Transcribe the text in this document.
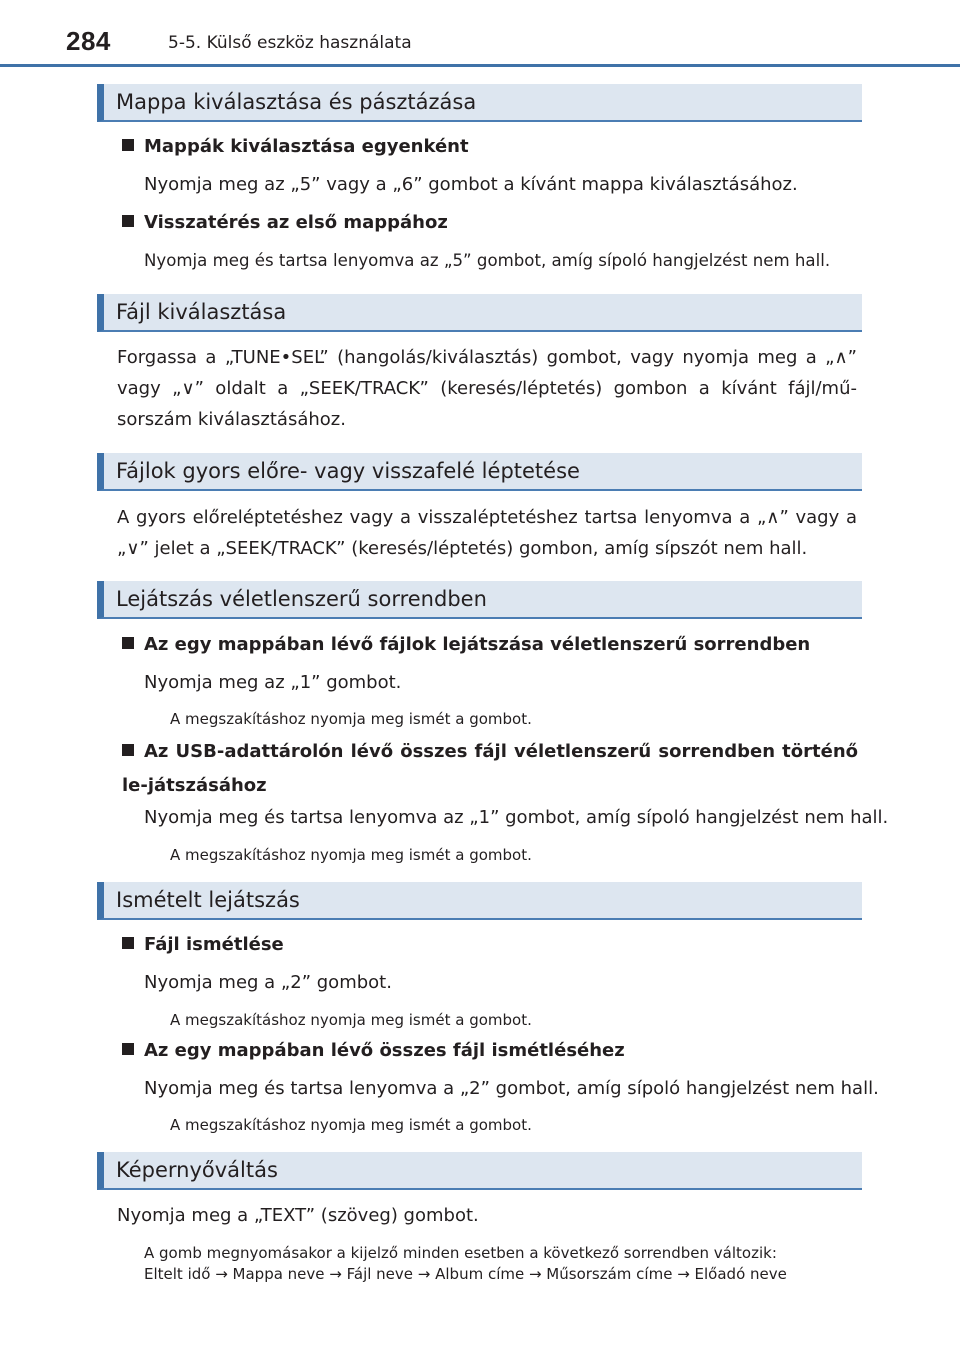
284	5-5. Külső eszköz használata
Mappa kiválasztása és pásztázása
Mappák kiválasztása egyenként
Nyomja meg az „5” vagy a „6” gombot a kívánt mappa kiválasztásához.
Visszatérés az első mappához
Nyomja meg és tartsa lenyomva az „5” gombot, amíg sípoló hangjelzést nem hall.
Fájl kiválasztása
Forgassa a „TUNE•SEL” (hangolás/kiválasztás) gombot, vagy nyomja meg a „∧” vagy „∨” oldalt a „SEEK/TRACK” (keresés/léptetés) gombon a kívánt fájl/mű-sorszám kiválasztásához.
Fájlok gyors előre- vagy visszafelé léptetése
A gyors előreléptetéshez vagy a visszaléptetéshez tartsa lenyomva a „∧” vagy a „∨” jelet a „SEEK/TRACK” (keresés/léptetés) gombon, amíg sípszót nem hall.
Lejátszás véletlenszerű sorrendben
Az egy mappában lévő fájlok lejátszása véletlenszerű sorrendben
Nyomja meg az „1” gombot.
A megszakításhoz nyomja meg ismét a gombot.
Az USB-adattárolón lévő összes fájl véletlenszerű sorrendben történő le-játszásához
Nyomja meg és tartsa lenyomva az „1” gombot, amíg sípoló hangjelzést nem hall.
A megszakításhoz nyomja meg ismét a gombot.
Ismételt lejátszás
Fájl ismétlése
Nyomja meg a „2” gombot.
A megszakításhoz nyomja meg ismét a gombot.
Az egy mappában lévő összes fájl ismétléséhez
Nyomja meg és tartsa lenyomva a „2” gombot, amíg sípoló hangjelzést nem hall.
A megszakításhoz nyomja meg ismét a gombot.
Képernyőváltás
Nyomja meg a „TEXT” (szöveg) gombot.
A gomb megnyomásakor a kijelző minden esetben a következő sorrendben változik:
Eltelt idő → Mappa neve → Fájl neve → Album címe → Műsorszám címe → Előadó neve
